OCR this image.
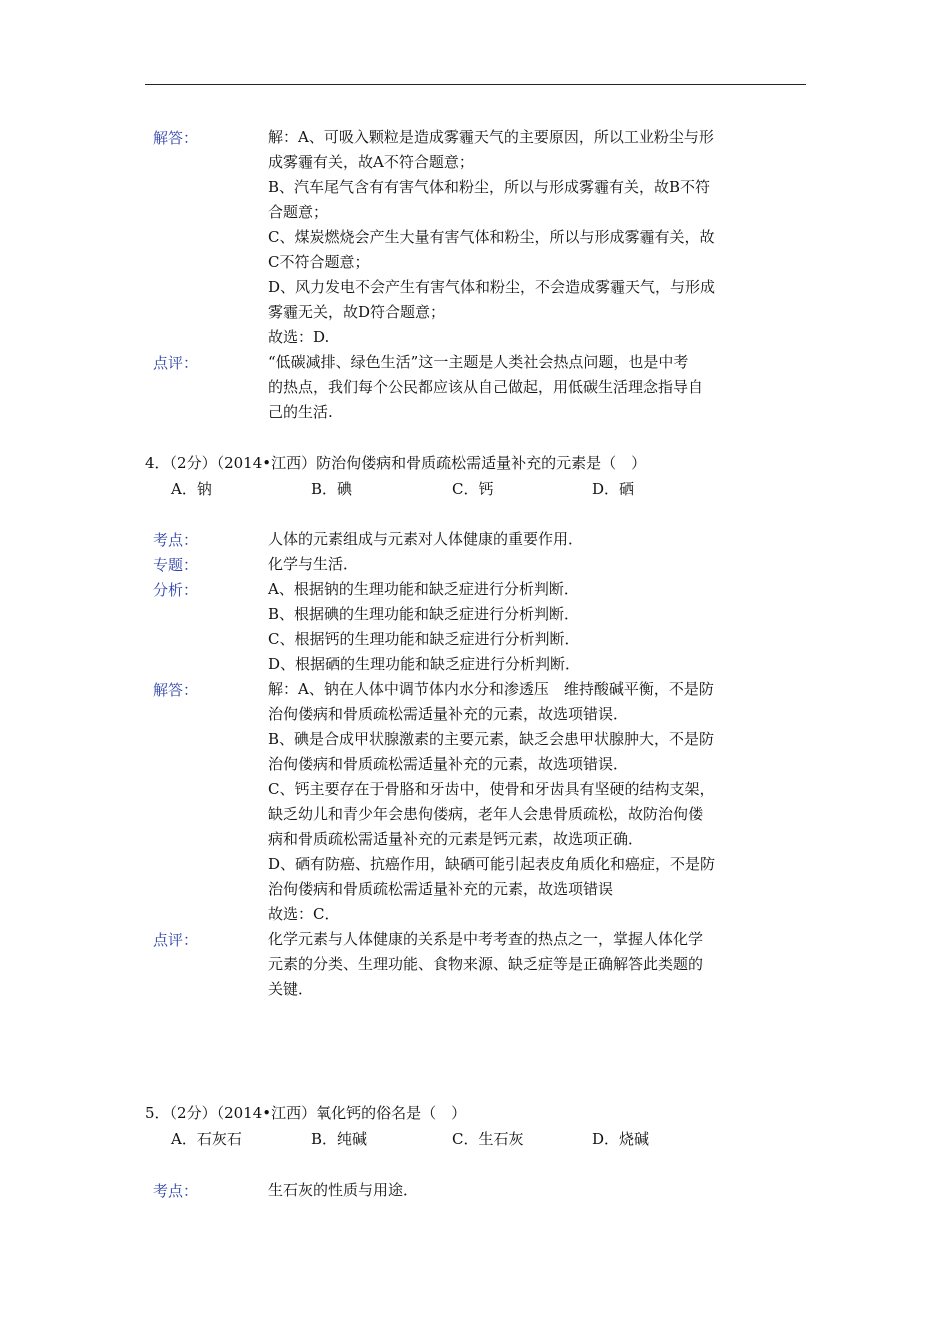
解答：	解：A、可吸入颗粒是造成雾霾天气的主要原因，所以工业粉尘与形
成雾霾有关，故A不符合题意；
B、汽车尾气含有有害气体和粉尘，所以与形成雾霾有关，故B不符
合题意；
C、煤炭燃烧会产生大量有害气体和粉尘，所以与形成雾霾有关，故
C不符合题意；
D、风力发电不会产生有害气体和粉尘，不会造成雾霾天气，与形成
雾霾无关，故D符合题意；
故选：D.
点评：	“低碳减排、绿色生活”这一主题是人类社会热点问题，也是中考
的热点，我们每个公民都应该从自己做起，用低碳生活理念指导自
己的生活.
4．（2分）（2014•江西）防治佝偻病和骨质疏松需适量补充的元素是（　）
A．钠	B．碘	C．钙	D．硒
考点：	人体的元素组成与元素对人体健康的重要作用．
专题：	化学与生活．
分析：	A、根据钠的生理功能和缺乏症进行分析判断．
B、根据碘的生理功能和缺乏症进行分析判断．
C、根据钙的生理功能和缺乏症进行分析判断．
D、根据硒的生理功能和缺乏症进行分析判断．
解答：	解：A、钠在人体中调节体内水分和渗透压　维持酸碱平衡，不是防
治佝偻病和骨质疏松需适量补充的元素，故选项错误．
B、碘是合成甲状腺激素的主要元素，缺乏会患甲状腺肿大，不是防
治佝偻病和骨质疏松需适量补充的元素，故选项错误．
C、钙主要存在于骨胳和牙齿中，使骨和牙齿具有坚硬的结构支架，
缺乏幼儿和青少年会患佝偻病，老年人会患骨质疏松，故防治佝偻
病和骨质疏松需适量补充的元素是钙元素，故选项正确．
D、硒有防癌、抗癌作用，缺硒可能引起表皮角质化和癌症，不是防
治佝偻病和骨质疏松需适量补充的元素，故选项错误
故选：C．
点评：	化学元素与人体健康的关系是中考考查的热点之一，掌握人体化学
元素的分类、生理功能、食物来源、缺乏症等是正确解答此类题的
关键．
5．（2分）（2014•江西）氧化钙的俗名是（　）
A．石灰石	B．纯碱	C．生石灰	D．烧碱
考点：	生石灰的性质与用途．
